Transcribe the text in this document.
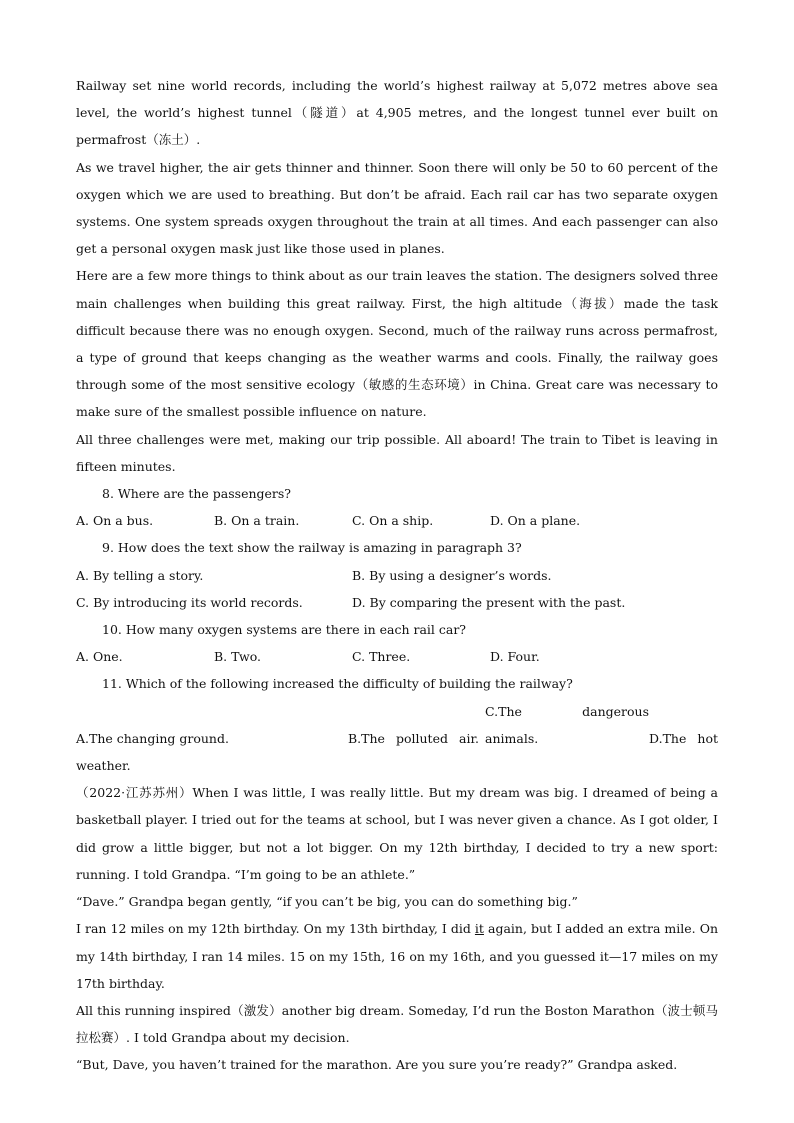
Railway set nine world records, including the world’s highest railway at 5,072 metres above sea level, the world’s highest tunnel（隧道）at 4,905 metres, and the longest tunnel ever built on permafrost（冻土）.

As we travel higher, the air gets thinner and thinner. Soon there will only be 50 to 60 percent of the oxygen which we are used to breathing. But don’t be afraid. Each rail car has two separate oxygen systems. One system spreads oxygen throughout the train at all times. And each passenger can also get a personal oxygen mask just like those used in planes.

Here are a few more things to think about as our train leaves the station. The designers solved three main challenges when building this great railway. First, the high altitude（海拔）made the task difficult because there was no enough oxygen. Second, much of the railway runs across permafrost, a type of ground that keeps changing as the weather warms and cools. Finally, the railway goes through some of the most sensitive ecology（敏感的生态环境）in China. Great care was necessary to make sure of the smallest possible influence on nature.

All three challenges were met, making our trip possible. All aboard! The train to Tibet is leaving in fifteen minutes.

8. Where are the passengers?

A. On a bus.	B. On a train.	C. On a ship.	D. On a plane.

9. How does the text show the railway is amazing in paragraph 3?

A. By telling a story.	B. By using a designer’s words.

C. By introducing its world records.	D. By comparing the present with the past.

10. How many oxygen systems are there in each rail car?

A. One.	B. Two.	C. Three.	D. Four.

11. Which of the following increased the difficulty of building the railway?

A.The changing ground.	B.The polluted air.C.The dangerous animals.	D.The hot weather.

（2022·江苏苏州）When I was little, I was really little. But my dream was big. I dreamed of being a basketball player. I tried out for the teams at school, but I was never given a chance. As I got older, I did grow a little bigger, but not a lot bigger. On my 12th birthday, I decided to try a new sport: running. I told Grandpa. “I’m going to be an athlete.”

“Dave.” Grandpa began gently, “if you can’t be big, you can do something big.”

I ran 12 miles on my 12th birthday. On my 13th birthday, I did it again, but I added an extra mile. On my 14th birthday, I ran 14 miles. 15 on my 15th, 16 on my 16th, and you guessed it—17 miles on my 17th birthday.

All this running inspired（激发）another big dream. Someday, I’d run the Boston Marathon（波士顿马拉松赛）. I told Grandpa about my decision.

“But, Dave, you haven’t trained for the marathon. Are you sure you’re ready?” Grandpa asked.
